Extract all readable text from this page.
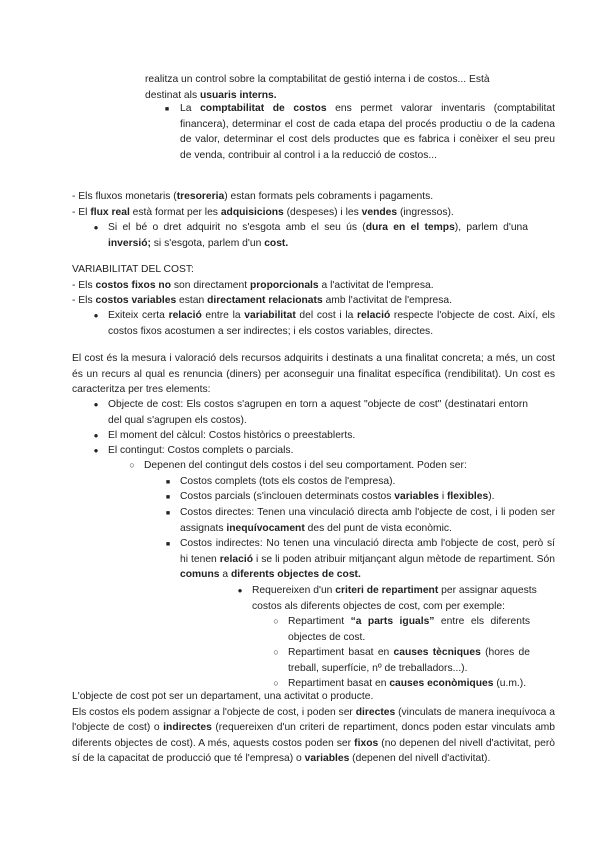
realitza un control sobre la comptabilitat de gestió interna i de costos... Està

destinat als usuaris interns.

■
La comptabilitat de costos ens permet valorar inventaris (comptabilitat financera), determinar el cost de cada etapa del procés productiu o de la cadena de valor, determinar el cost dels productes que es fabrica i conèixer el seu preu de venda, contribuir al control i a la reducció de costos...

- Els fluxos monetaris (tresoreria) estan formats pels cobraments i pagaments.

- El flux real està format per les adquisicions (despeses) i les vendes (ingressos).

●
Si el bé o dret adquirit no s'esgota amb el seu ús (dura en el temps), parlem d'una inversió; si s'esgota, parlem d'un cost.

VARIABILITAT DEL COST:

- Els costos fixos no son directament proporcionals a l'activitat de l'empresa.

- Els costos variables estan directament relacionats amb l'activitat de l'empresa.

●
Exiteix certa relació entre la variabilitat del cost i la relació respecte l'objecte de cost. Així, els costos fixos acostumen a ser indirectes; i els costos variables, directes.
El cost és la mesura i valoració dels recursos adquirits i destinats a una finalitat concreta; a més, un cost és un recurs al qual es renuncia (diners) per aconseguir una finalitat específica (rendibilitat). Un cost es caracteritza per tres elements:
●
Objecte de cost: Els costos s'agrupen en torn a aquest "objecte de cost" (destinatari entorn del qual s'agrupen els costos).
●
El moment del càlcul: Costos històrics o preestablerts.
●
El contingut: Costos complets o parcials.
○
Depenen del contingut dels costos i del seu comportament. Poden ser:
■
Costos complets (tots els costos de l'empresa).
■
Costos parcials (s'inclouen determinats costos variables i flexibles).
■
Costos directes: Tenen una vinculació directa amb l'objecte de cost, i li poden ser assignats inequívocament des del punt de vista econòmic.
■
Costos indirectes: No tenen una vinculació directa amb l'objecte de cost, però sí hi tenen relació i se li poden atribuir mitjançant algun mètode de repartiment. Són comuns a diferents objectes de cost.
●
Requereixen d'un criteri de repartiment per assignar aquests costos als diferents objectes de cost, com per exemple:
○
Repartiment “a parts iguals” entre els diferents objectes de cost.
○
Repartiment basat en causes tècniques (hores de treball, superfície, nº de treballadors...).
○
Repartiment basat en causes econòmiques (u.m.).

L'objecte de cost pot ser un departament, una activitat o producte.

Els costos els podem assignar a l'objecte de cost, i poden ser directes (vinculats de manera inequívoca a l'objecte de cost) o indirectes (requereixen d'un criteri de repartiment, doncs poden estar vinculats amb diferents objectes de cost). A més, aquests costos poden ser fixos (no depenen del nivell d'activitat, però sí de la capacitat de producció que té l'empresa) o variables (depenen del nivell d'activitat).
